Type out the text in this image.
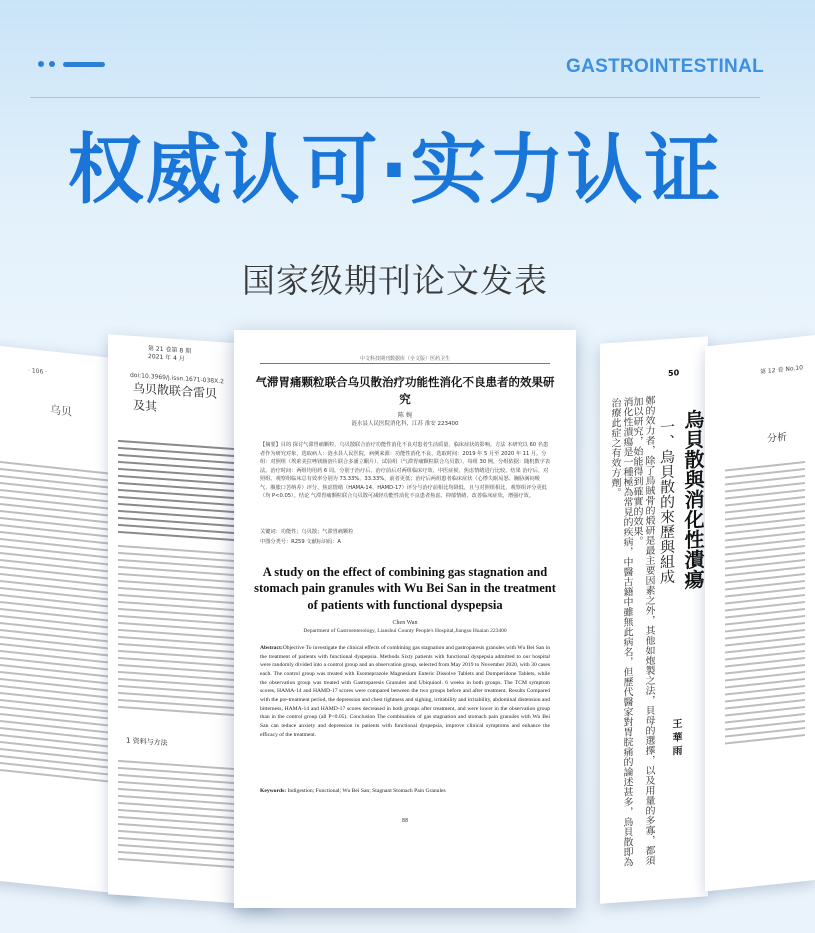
GASTROINTESTINAL
权威认可·实力认证
国家级期刊论文发表
· 106 ·
乌贝
第 21 卷第 8 期
2021 年 4 月
doi:10.3969/j.issn.1671-038X.2
乌贝散联合雷贝
及其
1 资料与方法
50
烏貝散與消化性潰瘍
一、烏貝散的來歷與組成
王 華 雨
鄭的效力者，除了鳥賊骨的煅研是最主要因素之外，其他如炮製之法，貝母的選擇，以及用量的多寡，都須加以研究，始能得到確實的效果。
消化性潰瘍是一種極為常見的疾病，中醫古籍中雖無此病名，但歷代醫家對胃脘痛的論述甚多，烏貝散即為治療此症之有效方劑。
第 12 卷 No.10
分析
中文科技期刊数据库（全文版）医药卫生
气滞胃痛颗粒联合乌贝散治疗功能性消化不良患者的效果研究
陈 婉
涟水县人民医院消化科，江苏 淮安 223400
【摘要】目的 探讨气滞胃痛颗粒、乌贝散联合治疗功能性消化不良对患者生活质量、临床症状的影响。方法 本研究以 60 名患者作为研究对象，选取病人：涟水县人民医院，病例来源：功能性消化不良，选取时间：2019 年 5 月至 2020 年 11 月。分组：对照组（埃索美拉唑镁肠溶片联合多潘立酮片）、试验组（气滞胃痛颗粒联合乌贝散），每组 30 例。分组依据：随机数字表法。治疗时间：两组均用药 6 周。分别于治疗后、治疗前后对两组临床疗效、中医症候、焦虑情绪进行比较。结果 治疗后，对照组、观察组临床总有效率分别为 73.33%、33.33%，前者更低；治疗后两组患者临床症状（心悸失眠易怒、胸胁满闷嗳气、腹胀口苦纳差）评分、焦虑情绪（HAMA-14、HAMD-17）评分与治疗前相比均降低，且与对照组相比，观察组评分更低（均 P<0.05）。结论 气滞胃痛颗粒联合乌贝散可减轻功能性消化不良患者焦虑、抑郁情绪，改善临床症状，增强疗效。
关键词：功能性；乌贝散；气滞胃痛颗粒
中图分类号：R259 文献标识码：A
A study on the effect of combining gas stagnation and stomach pain granules with Wu Bei San in the treatment of patients with functional dyspepsia
Chen Wan
Department of Gastroenterology, Lianshui County People's Hospital,Jiangsu Huaian 223400
Abstract:Objective To investigate the clinical effects of combining gas stagnation and gastroparesis granules with Wu Bei San in the treatment of patients with functional dyspepsia. Methods Sixty patients with functional dyspepsia admitted to our hospital were randomly divided into a control group and an observation group, selected from May 2019 to November 2020, with 30 cases each. The control group was treated with Esomeprazole Magnesium Enteric Dissolve Tablets and Domperidone Tablets, while the observation group was treated with Gastroparesis Granules and Ubiquinol. 6 weeks in both groups. The TCM symptom scores, HAMA-14 and HAMD-17 scores were compared between the two groups before and after treatment. Results Compared with the pre-treatment period, the depression and chest tightness and sighing, irritability and irritability, abdominal distension and bitterness, HAMA-14 and HAMD-17 scores decreased in both groups after treatment, and were lower in the observation group than in the control group (all P<0.05). Conclusion The combination of gas stagnation and stomach pain granules with Wu Bei San can reduce anxiety and depression in patients with functional dyspepsia, improve clinical symptoms and enhance the efficacy of the treatment.
Keywords: Indigestion; Functional; Wu Bei San; Stagnant Stomach Pain Granules
88
